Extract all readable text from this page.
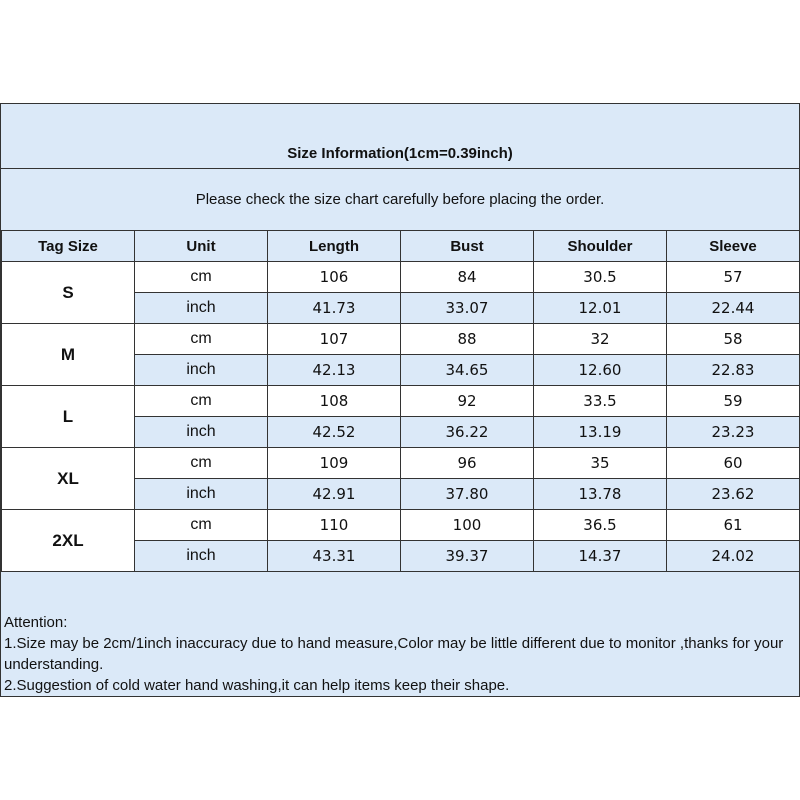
Size Information(1cm=0.39inch)
Please check the size chart carefully before placing the order.
Tag Size	Unit	Length	Bust	Shoulder	Sleeve
S	cm	106	84	30.5	57
	inch	41.73	33.07	12.01	22.44
M	cm	107	88	32	58
	inch	42.13	34.65	12.60	22.83
L	cm	108	92	33.5	59
	inch	42.52	36.22	13.19	23.23
XL	cm	109	96	35	60
	inch	42.91	37.80	13.78	23.62
2XL	cm	110	100	36.5	61
	inch	43.31	39.37	14.37	24.02
Attention:
1.Size may be 2cm/1inch inaccuracy due to hand measure,Color may be little different due to monitor ,thanks for your understanding.
2.Suggestion of cold water hand washing,it can help items keep their shape.
